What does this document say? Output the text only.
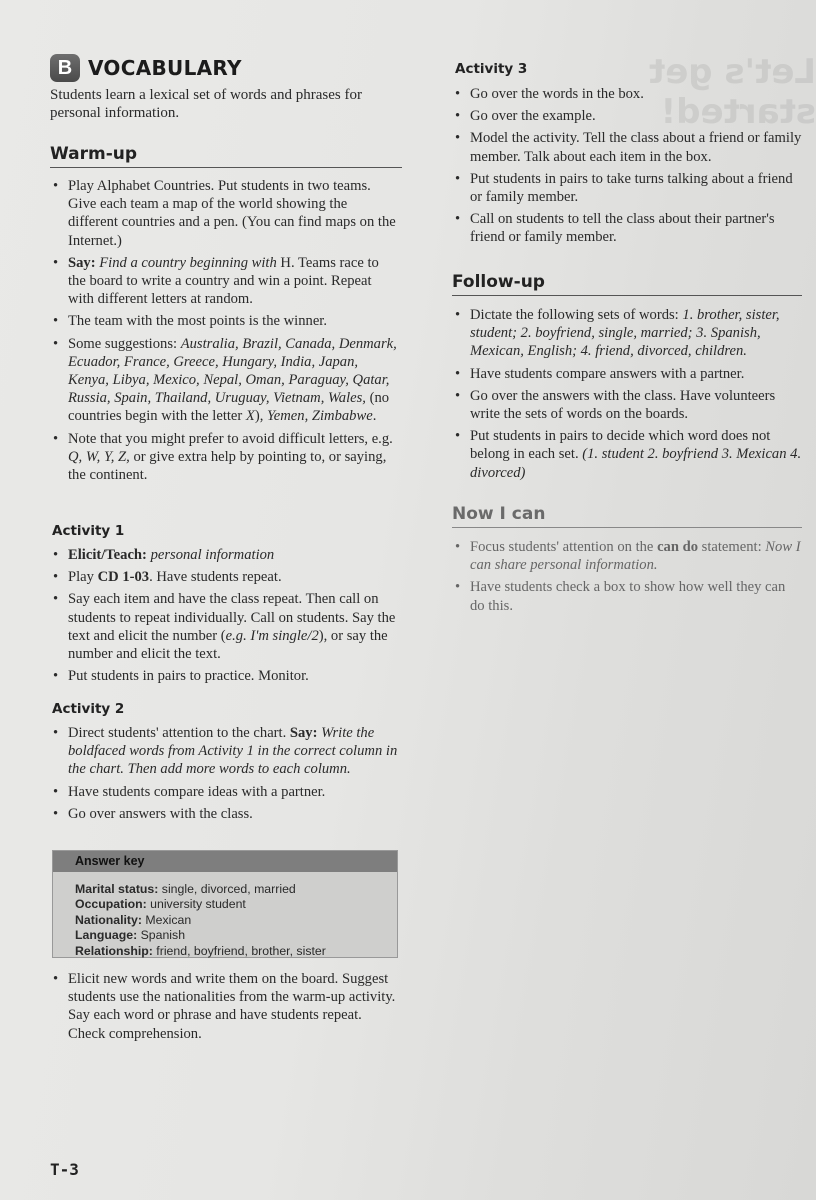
Let's get started!
B VOCABULARY

Students learn a lexical set of words and phrases for personal information.

Warm-up
• Play Alphabet Countries. Put students in two teams. Give each team a map of the world showing the different countries and a pen. (You can find maps on the Internet.)
• Say: Find a country beginning with H. Teams race to the board to write a country and win a point. Repeat with different letters at random.
• The team with the most points is the winner.
• Some suggestions: Australia, Brazil, Canada, Denmark, Ecuador, France, Greece, Hungary, India, Japan, Kenya, Libya, Mexico, Nepal, Oman, Paraguay, Qatar, Russia, Spain, Thailand, Uruguay, Vietnam, Wales, (no countries begin with the letter X), Yemen, Zimbabwe.
• Note that you might prefer to avoid difficult letters, e.g. Q, W, Y, Z, or give extra help by pointing to, or saying, the continent.
Activity 1
• Elicit/Teach: personal information
• Play CD 1-03. Have students repeat.
• Say each item and have the class repeat. Then call on students to repeat individually. Call on students. Say the text and elicit the number (e.g. I'm single/2), or say the number and elicit the text.
• Put students in pairs to practice. Monitor.
Activity 2
• Direct students' attention to the chart. Say: Write the boldfaced words from Activity 1 in the correct column in the chart. Then add more words to each column.
• Have students compare ideas with a partner.
• Go over answers with the class.
Answer key
Marital status: single, divorced, married
Occupation: university student
Nationality: Mexican
Language: Spanish
Relationship: friend, boyfriend, brother, sister
• Elicit new words and write them on the board. Suggest students use the nationalities from the warm-up activity. Say each word or phrase and have students repeat. Check comprehension.
Activity 3
• Go over the words in the box.
• Go over the example.
• Model the activity. Tell the class about a friend or family member. Talk about each item in the box.
• Put students in pairs to take turns talking about a friend or family member.
• Call on students to tell the class about their partner's friend or family member.
Follow-up
• Dictate the following sets of words: 1. brother, sister, student; 2. boyfriend, single, married; 3. Spanish, Mexican, English; 4. friend, divorced, children.
• Have students compare answers with a partner.
• Go over the answers with the class. Have volunteers write the sets of words on the boards.
• Put students in pairs to decide which word does not belong in each set. (1. student 2. boyfriend 3. Mexican 4. divorced)
Now I can
• Focus students' attention on the can do statement: Now I can share personal information.
• Have students check a box to show how well they can do this.
T-3
